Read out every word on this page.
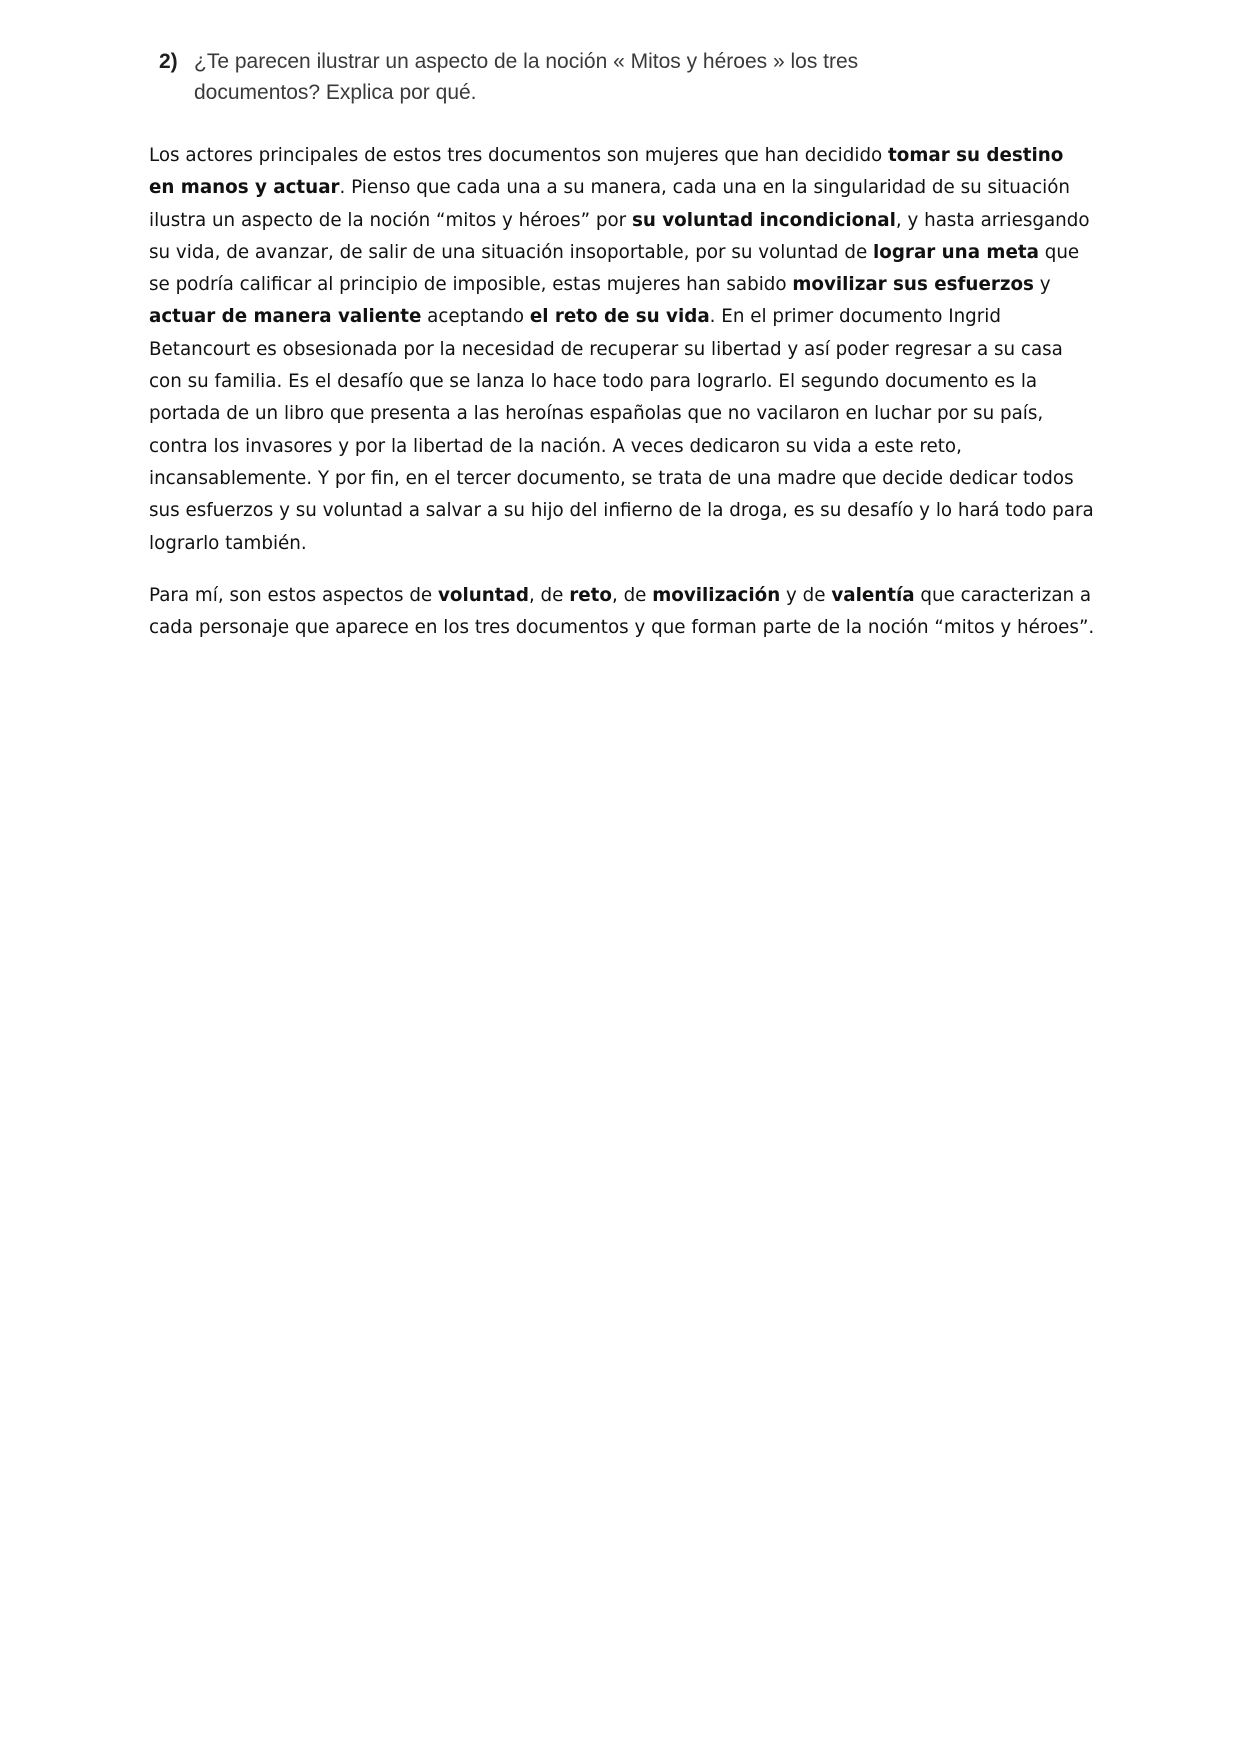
2) ¿Te parecen ilustrar un aspecto de la noción « Mitos y héroes » los tres documentos? Explica por qué.

Los actores principales de estos tres documentos son mujeres que han decidido tomar su destino en manos y actuar. Pienso que cada una a su manera, cada una en la singularidad de su situación ilustra un aspecto de la noción “mitos y héroes” por su voluntad incondicional, y hasta arriesgando su vida, de avanzar, de salir de una situación insoportable, por su voluntad de lograr una meta que se podría calificar al principio de imposible, estas mujeres han sabido movilizar sus esfuerzos y actuar de manera valiente aceptando el reto de su vida. En el primer documento Ingrid Betancourt es obsesionada por la necesidad de recuperar su libertad y así poder regresar a su casa con su familia. Es el desafío que se lanza lo hace todo para lograrlo. El segundo documento es la portada de un libro que presenta a las heroínas españolas que no vacilaron en luchar por su país, contra los invasores y por la libertad de la nación. A veces dedicaron su vida a este reto, incansablemente. Y por fin, en el tercer documento, se trata de una madre que decide dedicar todos sus esfuerzos y su voluntad a salvar a su hijo del infierno de la droga, es su desafío y lo hará todo para lograrlo también.

Para mí, son estos aspectos de voluntad, de reto, de movilización y de valentía que caracterizan a cada personaje que aparece en los tres documentos y que forman parte de la noción “mitos y héroes”.
